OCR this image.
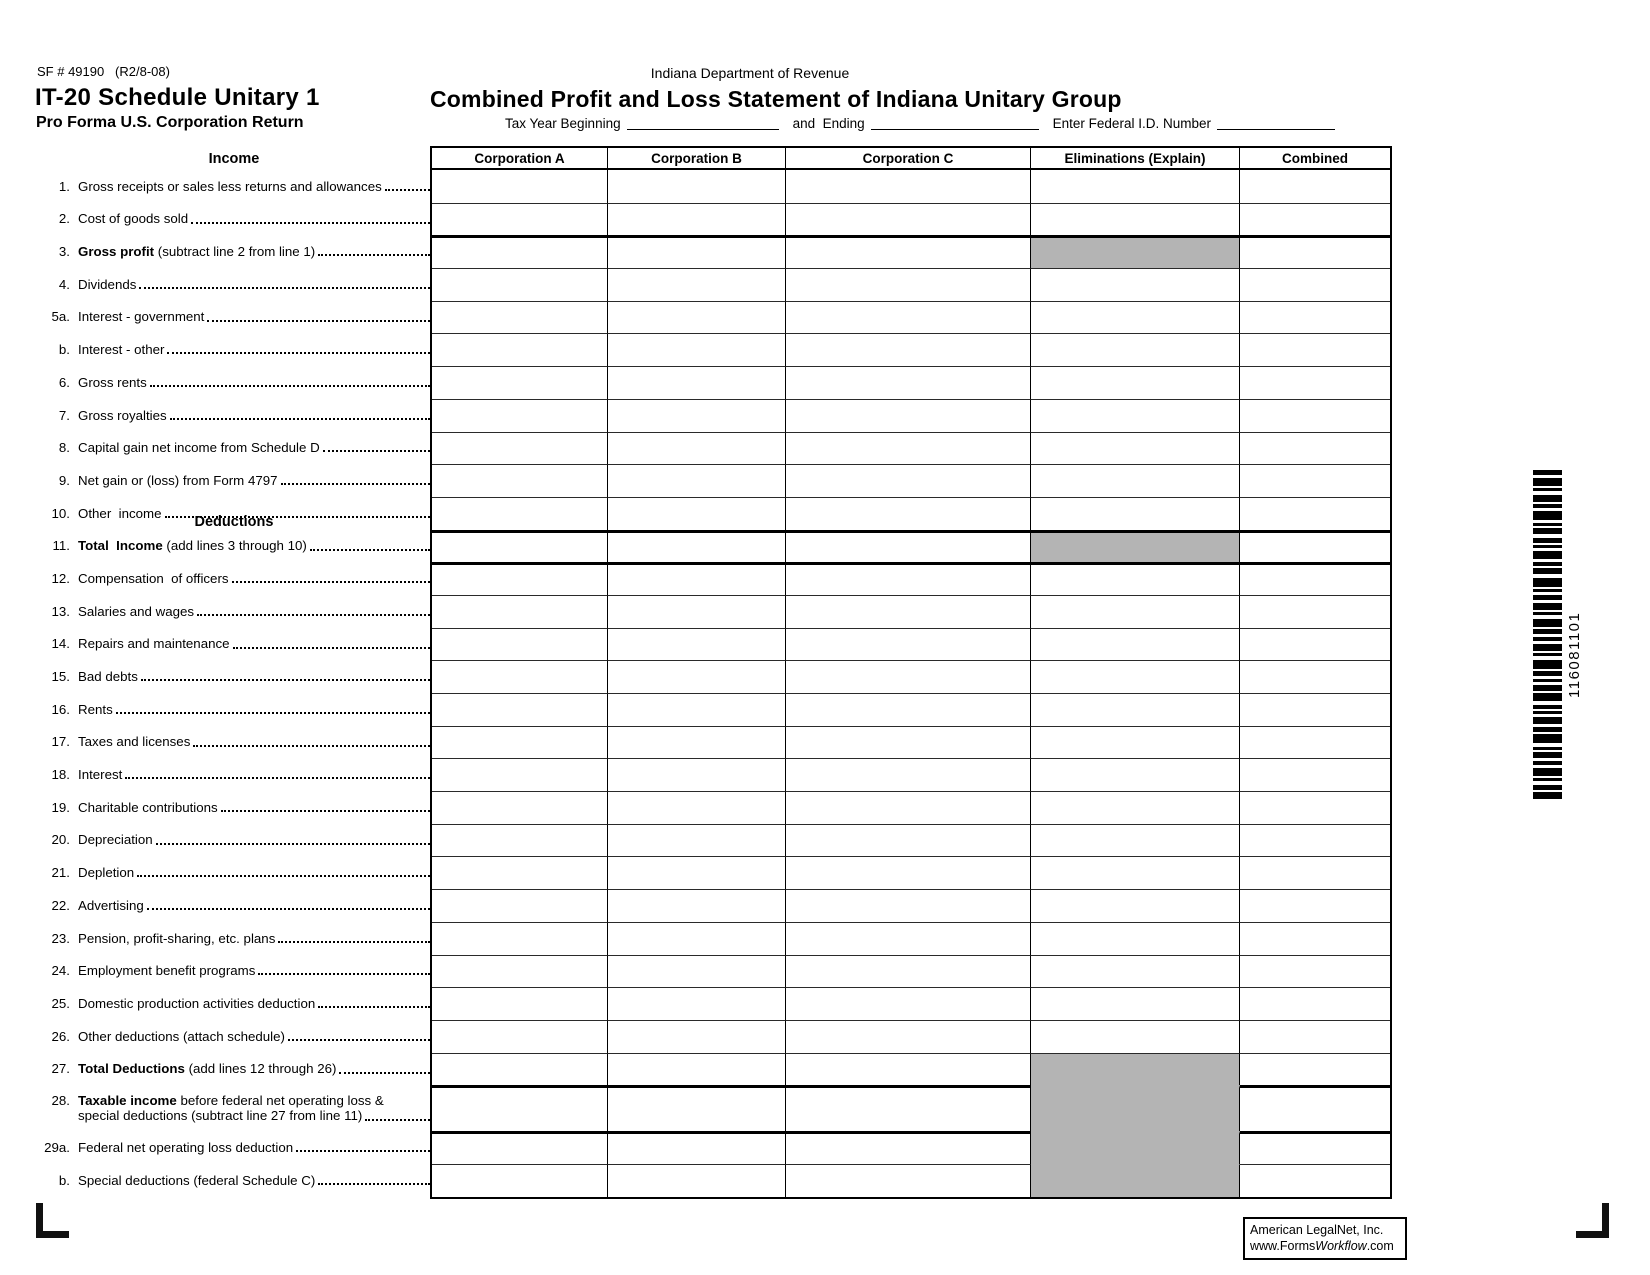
SF # 49190   (R2/8-08)
IT-20 Schedule Unitary 1
Pro Forma U.S. Corporation Return
Indiana Department of Revenue
Combined Profit and Loss Statement of Indiana Unitary Group
Tax Year Beginning	and  Ending	Enter Federal I.D. Number
Income
Deductions
Corporation A	Corporation B	Corporation C	Eliminations (Explain)	Combined
1. Gross receipts or sales less returns and allowances
2. Cost of goods sold
3. Gross profit (subtract line 2 from line 1)
4. Dividends
5a. Interest - government
b. Interest - other
6. Gross rents
7. Gross royalties
8. Capital gain net income from Schedule D
9. Net gain or (loss) from Form 4797
10. Other  income
11. Total  Income (add lines 3 through 10)
12. Compensation  of officers
13. Salaries and wages
14. Repairs and maintenance
15. Bad debts
16. Rents
17. Taxes and licenses
18. Interest
19. Charitable contributions
20. Depreciation
21. Depletion
22. Advertising
23. Pension, profit-sharing, etc. plans
24. Employment benefit programs
25. Domestic production activities deduction
26. Other deductions (attach schedule)
27. Total Deductions (add lines 12 through 26)
28. Taxable income before federal net operating loss &
special deductions (subtract line 27 from line 11)
29a. Federal net operating loss deduction
b. Special deductions (federal Schedule C)
116081101
American LegalNet, Inc.
www.FormsWorkflow.com
